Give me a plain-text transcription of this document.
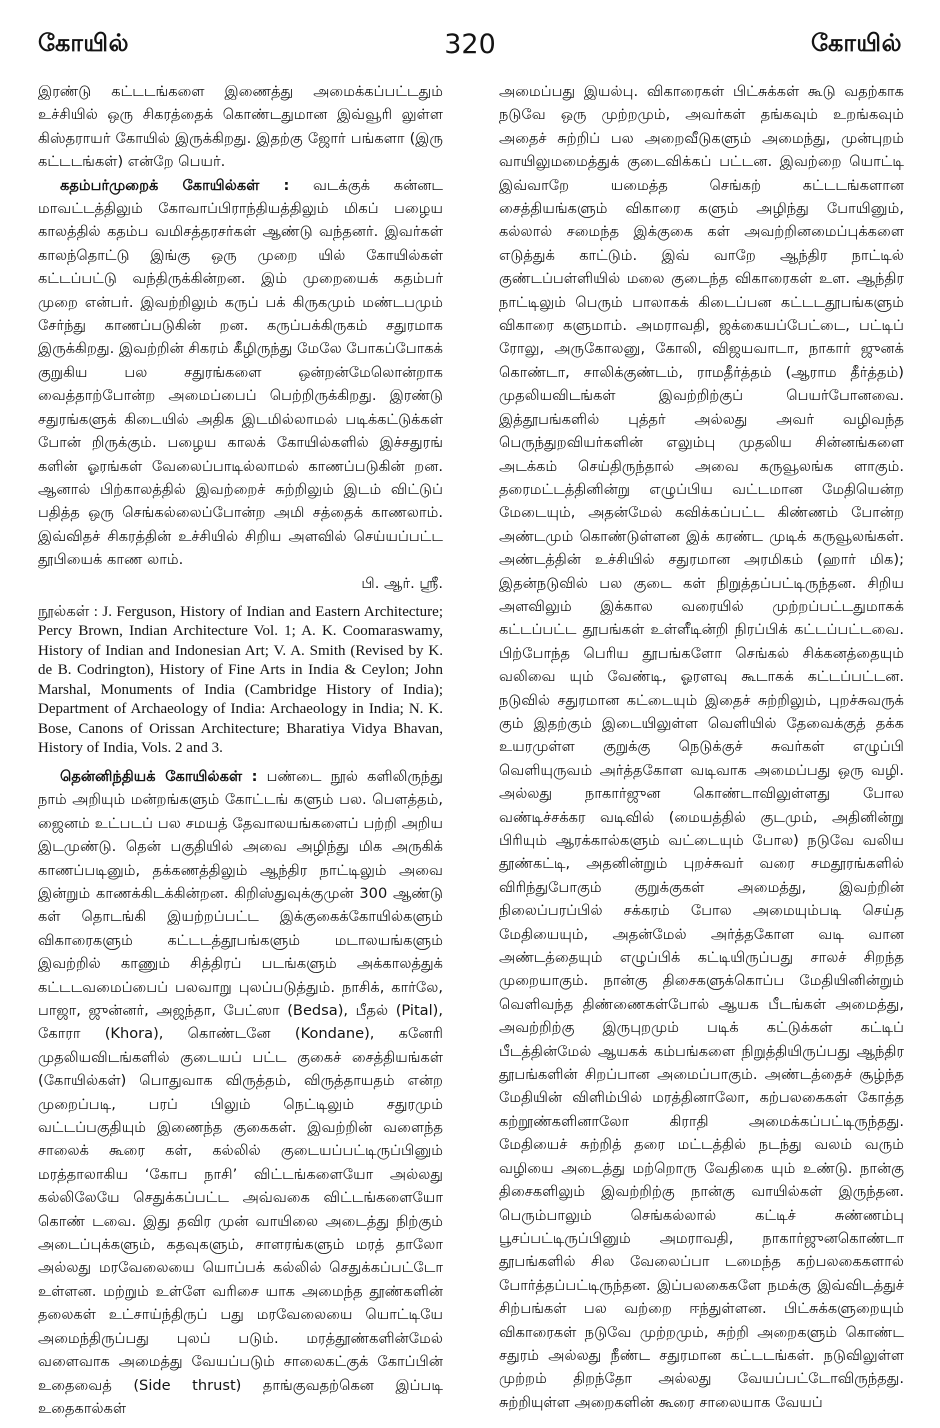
கோயில்	320	கோயில்

இரண்டு கட்டடங்களை இணைத்து அமைக்கப்பட்டதும் உச்சியில் ஒரு சிகரத்தைக் கொண்டதுமான இவ்வூரி லுள்ள கிஸ்தராயர் கோயில் இருக்கிறது. இதற்கு ஜோர் பங்களா (இரு கட்டடங்கள்) என்றே பெயர்.

கதம்பர்முறைக் கோயில்கள் : வடக்குக் கன்னட மாவட்டத்திலும் கோவாப்பிராந்தியத்திலும் மிகப் பழைய காலத்தில் கதம்ப வமிசத்தரசர்கள் ஆண்டு வந்தனர். இவர்கள் காலந்தொட்டு இங்கு ஒரு முறை யில் கோயில்கள் கட்டப்பட்டு வந்திருக்கின்றன. இம் முறையைக் கதம்பர் முறை என்பர். இவற்றிலும் கருப் பக் கிருகமும் மண்டபமும் சேர்ந்து காணப்படுகின் றன. கருப்பக்கிருகம் சதுரமாக இருக்கிறது. இவற்றின் சிகரம் கீழிருந்து மேலே போகப்போகக் குறுகிய பல சதுரங்களை ஒன்றன்மேலொன்றாக வைத்தாற்போன்ற அமைப்பைப் பெற்றிருக்கிறது. இரண்டு சதுரங்களுக் கிடையில் அதிக இடமில்லாமல் படிக்கட்டுக்கள் போன் றிருக்கும். பழைய காலக் கோயில்களில் இச்சதுரங் களின் ஓரங்கள் வேலைப்பாடில்லாமல் காணப்படுகின் றன. ஆனால் பிற்காலத்தில் இவற்றைச் சுற்றிலும் இடம் விட்டுப் பதித்த ஒரு செங்கல்லைப்போன்ற அமி சத்தைக் காணலாம். இவ்விதச் சிகரத்தின் உச்சியில் சிறிய அளவில் செய்யப்பட்ட தூபியைக் காண லாம்.

பி. ஆர். ஸ்ரீ.

நூல்கள் : J. Ferguson, History of Indian and Eastern Architecture; Percy Brown, Indian Architecture Vol. 1; A. K. Coomaraswamy, History of Indian and Indonesian Art; V. A. Smith (Revised by K. de B. Codrington), History of Fine Arts in India & Ceylon; John Marshal, Monuments of India (Cambridge History of India); Department of Archaeology of India: Archaeology in India; N. K. Bose, Canons of Orissan Architecture; Bharatiya Vidya Bhavan, History of India, Vols. 2 and 3.

தென்னிந்தியக் கோயில்கள் : பண்டை நூல் களிலிருந்து நாம் அறியும் மன்றங்களும் கோட்டங் களும் பல. பௌத்தம், ஜைனம் உட்படப் பல சமயத் தேவாலயங்களைப் பற்றி அறிய இடமுண்டு. தென் பகுதியில் அவை அழிந்து மிக அருகிக் காணப்படினும், தக்கணத்திலும் ஆந்திர நாட்டிலும் அவை இன்றும் காணக்கிடக்கின்றன. கிறிஸ்துவுக்குமுன் 300 ஆண்டு கள் தொடங்கி இயற்றப்பட்ட இக்குகைக்கோயில்களும் விகாரைகளும் கட்டடத்தூபங்களும் மடாலயங்களும் இவற்றில் காணும் சித்திரப் படங்களும் அக்காலத்துக் கட்டடவமைப்பைப் பலவாறு புலப்படுத்தும். நாசிக், கார்லே, பாஜா, ஜுன்னர், அஜந்தா, பேட்ஸா (Bedsa), பீதல் (Pital), கோரா (Khora), கொண்டனே (Kondane), கனேரி முதலியவிடங்களில் குடையப் பட்ட குகைச் சைத்தியங்கள் (கோயில்கள்) பொதுவாக விருத்தம், விருத்தாயதம் என்ற முறைப்படி, பரப் பிலும் நெட்டிலும் சதுரமும் வட்டப்பகுதியும் இணைந்த குகைகள். இவற்றின் வளைந்த சாலைக் கூரை கள், கல்லில் குடையப்பட்டிருப்பினும் மரத்தாலாகிய ‘கோப நாசி’ விட்டங்களையோ அல்லது கல்லிலேயே செதுக்கப்பட்ட அவ்வகை விட்டங்களையோ கொண் டவை. இது தவிர முன் வாயிலை அடைத்து நிற்கும் அடைப்புக்களும், கதவுகளும், சாளரங்களும் மரத் தாலோ அல்லது மரவேலையை யொப்பக் கல்லில் செதுக்கப்பட்டோ உள்ளன. மற்றும் உள்ளே வரிசை யாக அமைந்த தூண்களின் தலைகள் உட்சாய்ந்திருப் பது மரவேலையை யொட்டியே அமைந்திருப்பது புலப் படும். மரத்தூண்களின்மேல் வளைவாக அமைத்து வேயப்படும் சாலைகட்குக் கோப்பின் உதைவைத் (Side thrust) தாங்குவதற்கென இப்படி உதைகால்கள்

அமைப்பது இயல்பு. விகாரைகள் பிட்சுக்கள் கூடு வதற்காக நடுவே ஒரு முற்றமும், அவர்கள் தங்கவும் உறங்கவும் அதைச் சுற்றிப் பல அறைவீடுகளும் அமைந்து, முன்புறம் வாயிலுமமைத்துக் குடைவிக்கப் பட்டன. இவற்றை யொட்டி இவ்வாறே யமைத்த செங்கற் கட்டடங்களான சைத்தியங்களும் விகாரை களும் அழிந்து போயினும், கல்லால் சமைந்த இக்குகை கள் அவற்றினமைப்புக்களை எடுத்துக் காட்டும். இவ் வாறே ஆந்திர நாட்டில் குண்டப்பள்ளியில் மலை குடைந்த விகாரைகள் உள. ஆந்திர நாட்டிலும் பெரும் பாலாகக் கிடைப்பன கட்டடதூபங்களும் விகாரை களுமாம். அமராவதி, ஜக்கையப்பேட்டை, பட்டிப் ரோலு, அருகோலனு, கோலி, விஜயவாடா, நாகார் ஜுனக் கொண்டா, சாலிக்குண்டம், ராமதீர்த்தம் (ஆராம தீர்த்தம்) முதலியவிடங்கள் இவற்றிற்குப் பெயர்போனவை. இத்தூபங்களில் புத்தர் அல்லது அவர் வழிவந்த பெருந்துறவியர்களின் எலும்பு முதலிய சின்னங்களை அடக்கம் செய்திருந்தால் அவை கருவூலங்க ளாகும். தரைமட்டத்தினின்று எழுப்பிய வட்டமான மேதியென்ற மேடையும், அதன்மேல் கவிக்கப்பட்ட கிண்ணம் போன்ற அண்டமும் கொண்டுள்ளன இக் கரண்ட முடிக் கருவூலங்கள். அண்டத்தின் உச்சியில் சதுரமான அரமிகம் (ஹார் மிக); இதன்நடுவில் பல குடை கள் நிறுத்தப்பட்டிருந்தன. சிறிய அளவிலும் இக்கால வரையில் முற்றப்பட்டதுமாகக் கட்டப்பட்ட தூபங்கள் உள்ளீடின்றி நிரப்பிக் கட்டப்பட்டவை. பிற்போந்த பெரிய தூபங்களோ செங்கல் சிக்கனத்தையும் வலிவை யும் வேண்டி, ஓரளவு கூடாகக் கட்டப்பட்டன. நடுவில் சதுரமான கட்டையும் இதைச் சுற்றிலும், புறச்சுவருக் கும் இதற்கும் இடையிலுள்ள வெளியில் தேவைக்குத் தக்க உயரமுள்ள குறுக்கு நெடுக்குச் சுவர்கள் எழுப்பி வெளியுருவம் அர்த்தகோள வடிவாக அமைப்பது ஒரு வழி. அல்லது நாகார்ஜுன கொண்டாவிலுள்ளது போல வண்டிச்சக்கர வடிவில் (மையத்தில் குடமும், அதினின்று பிரியும் ஆரக்கால்களும் வட்டையும் போல) நடுவே வலிய தூண்கட்டி, அதனின்றும் புறச்சுவர் வரை சமதூரங்களில் விரிந்துபோகும் குறுக்குகள் அமைத்து, இவற்றின் நிலைப்பரப்பில் சக்கரம் போல அமையும்படி செய்த மேதியையும், அதன்மேல் அர்த்தகோள வடி வான அண்டத்தையும் எழுப்பிக் கட்டியிருப்பது சாலச் சிறந்த முறையாகும். நான்கு திசைகளுக்கொப்ப மேதியினின்றும் வெளிவந்த திண்ணைகள்போல் ஆயக பீடங்கள் அமைத்து, அவற்றிற்கு இருபுறமும் படிக் கட்டுக்கள் கட்டிப் பீடத்தின்மேல் ஆயகக் கம்பங்களை நிறுத்தியிருப்பது ஆந்திர தூபங்களின் சிறப்பான அமைப்பாகும். அண்டத்தைச் சூழ்ந்த மேதியின் விளிம்பில் மரத்தினாலோ, கற்பலகைகள் கோத்த கற்றூண்களினாலோ கிராதி அமைக்கப்பட்டிருந்தது. மேதியைச் சுற்றித் தரை மட்டத்தில் நடந்து வலம் வரும் வழியை அடைத்து மற்றொரு வேதிகை யும் உண்டு. நான்கு திசைகளிலும் இவற்றிற்கு நான்கு வாயில்கள் இருந்தன. பெரும்பாலும் செங்கல்லால் கட்டிச் சுண்ணம்பு பூசப்பட்டிருப்பினும் அமராவதி, நாகார்ஜுனகொண்டா தூபங்களில் சில வேலைப்பா டமைந்த கற்பலகைகளால் போர்த்தப்பட்டிருந்தன. இப்பலகைகளே நமக்கு இவ்விடத்துச் சிற்பங்கள் பல வற்றை ஈந்துள்ளன. பிட்சுக்களுறையும் விகாரைகள் நடுவே முற்றமும், சுற்றி அறைகளும் கொண்ட சதுரம் அல்லது நீண்ட சதுரமான கட்டடங்கள். நடுவிலுள்ள முற்றம் திறந்தோ அல்லது வேயப்பட்டோவிருந்தது. சுற்றியுள்ள அறைகளின் கூரை சாலையாக வேயப்
